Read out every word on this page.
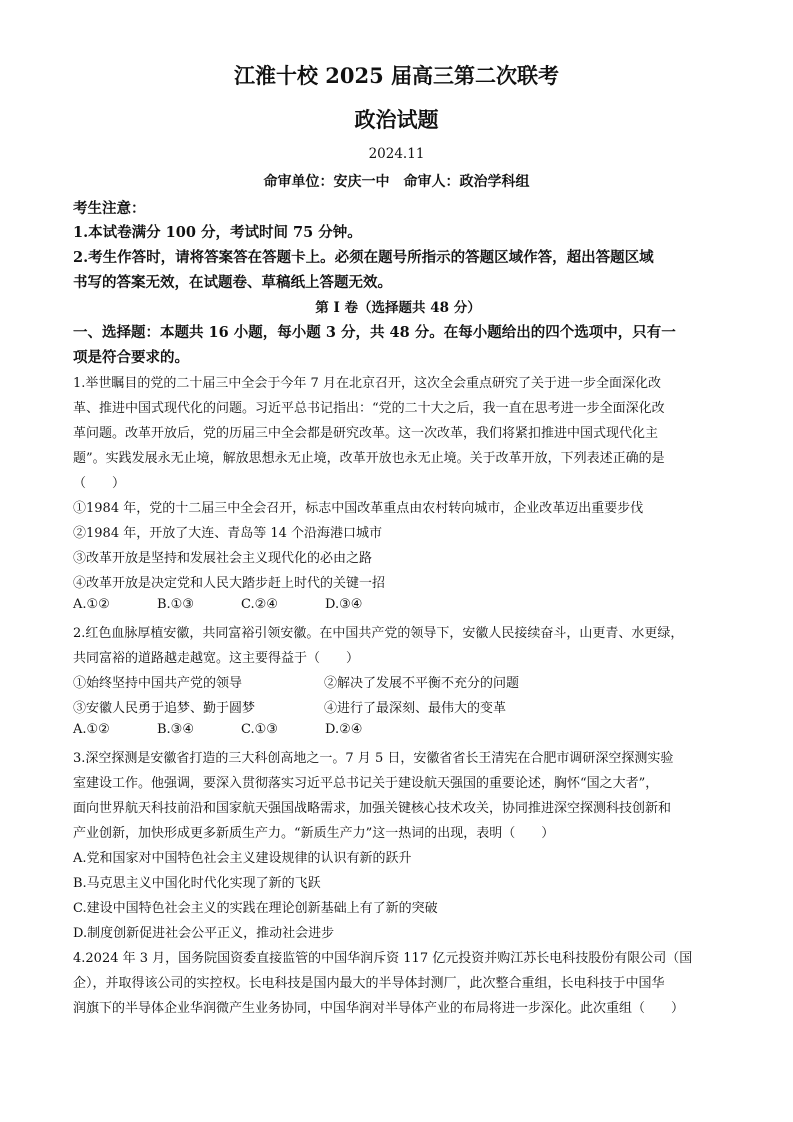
江淮十校 2025 届高三第二次联考
政治试题
2024.11
命审单位：安庆一中　命审人：政治学科组
考生注意：
1.本试卷满分 100 分，考试时间 75 分钟。
2.考生作答时，请将答案答在答题卡上。必须在题号所指示的答题区域作答，超出答题区域
书写的答案无效，在试题卷、草稿纸上答题无效。
第 I 卷（选择题共 48 分）
一、选择题：本题共 16 小题，每小题 3 分，共 48 分。在每小题给出的四个选项中，只有一
项是符合要求的。
1.举世瞩目的党的二十届三中全会于今年 7 月在北京召开，这次全会重点研究了关于进一步全面深化改
革、推进中国式现代化的问题。习近平总书记指出：“党的二十大之后，我一直在思考进一步全面深化改
革问题。改革开放后，党的历届三中全会都是研究改革。这一次改革，我们将紧扣推进中国式现代化主
题”。实践发展永无止境，解放思想永无止境，改革开放也永无止境。关于改革开放，下列表述正确的是
（　　）
①1984 年，党的十二届三中全会召开，标志中国改革重点由农村转向城市，企业改革迈出重要步伐
②1984 年，开放了大连、青岛等 14 个沿海港口城市
③改革开放是坚持和发展社会主义现代化的必由之路
④改革开放是决定党和人民大踏步赶上时代的关键一招
A.①②	B.①③	C.②④	D.③④
2.红色血脉厚植安徽，共同富裕引领安徽。在中国共产党的领导下，安徽人民接续奋斗，山更青、水更绿，
共同富裕的道路越走越宽。这主要得益于（　　）
①始终坚持中国共产党的领导	②解决了发展不平衡不充分的问题
③安徽人民勇于追梦、勤于圆梦	④进行了最深刻、最伟大的变革
A.①②	B.③④	C.①③	D.②④
3.深空探测是安徽省打造的三大科创高地之一。7 月 5 日，安徽省省长王清宪在合肥市调研深空探测实验
室建设工作。他强调，要深入贯彻落实习近平总书记关于建设航天强国的重要论述，胸怀“国之大者”，
面向世界航天科技前沿和国家航天强国战略需求，加强关键核心技术攻关，协同推进深空探测科技创新和
产业创新，加快形成更多新质生产力。“新质生产力”这一热词的出现，表明（　　）
A.党和国家对中国特色社会主义建设规律的认识有新的跃升
B.马克思主义中国化时代化实现了新的飞跃
C.建设中国特色社会主义的实践在理论创新基础上有了新的突破
D.制度创新促进社会公平正义，推动社会进步
4.2024 年 3 月，国务院国资委直接监管的中国华润斥资 117 亿元投资并购江苏长电科技股份有限公司（国
企），并取得该公司的实控权。长电科技是国内最大的半导体封测厂，此次整合重组，长电科技于中国华
润旗下的半导体企业华润微产生业务协同，中国华润对半导体产业的布局将进一步深化。此次重组（　　）
